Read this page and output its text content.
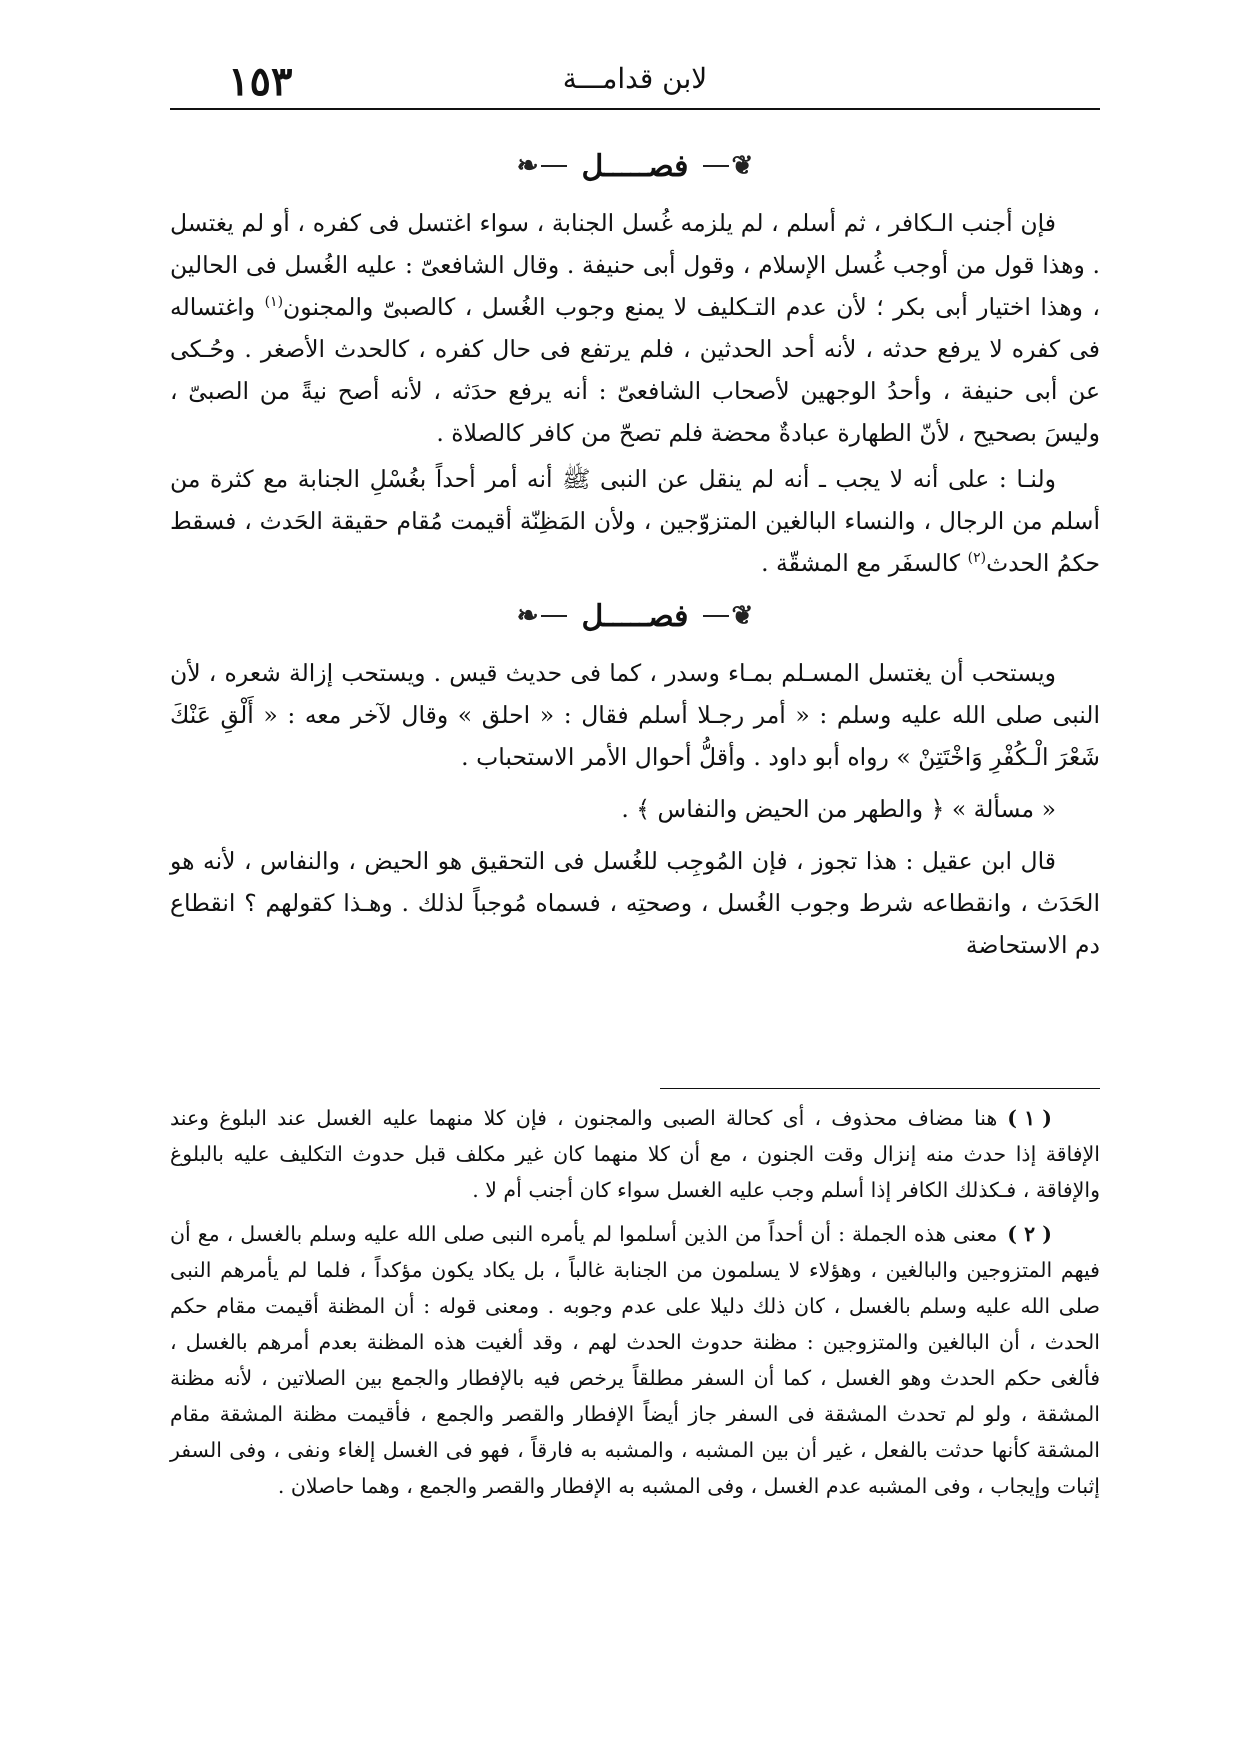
١٥٣	لابن قدامـــة
❦
فصـــــل
❧

فإن أجنب الـكافر ، ثم أسلم ، لم يلزمه غُسل الجنابة ، سواء اغتسل فى كفره ، أو لم يغتسل . وهذا قول من أوجب غُسل الإسلام ، وقول أبى حنيفة . وقال الشافعىّ : عليه الغُسل فى الحالين ، وهذا اختيار أبى بكر ؛ لأن عدم التـكليف لا يمنع وجوب الغُسل ، كالصبىّ والمجنون$^{(١)}$ واغتساله فى كفره لا يرفع حدثه ، لأنه أحد الحدثين ، فلم يرتفع فى حال كفره ، كالحدث الأصغر . وحُـكى عن أبى حنيفة ، وأحدُ الوجهين لأصحاب الشافعىّ : أنه يرفع حدَثه ، لأنه أصح نيةً من الصبىّ ، وليسَ بصحيح ، لأنّ الطهارة عبادةٌ محضة فلم تصحّ من كافر كالصلاة .

ولنـا : على أنه لا يجب ـ أنه لم ينقل عن النبى ﷺ أنه أمر أحداً بغُسْلِ الجنابة مع كثرة من أسلم من الرجال ، والنساء البالغين المتزوّجين ، ولأن المَظِنّة أقيمت مُقام حقيقة الحَدث ، فسقط حكمُ الحدث$^{(٢)}$ كالسفَر مع المشقّة .

❦
فصـــــل
❧

ويستحب أن يغتسل المسـلم بمـاء وسدر ، كما فى حديث قيس . ويستحب إزالة شعره ، لأن النبى صلى الله عليه وسلم : « أمر رجـلا أسلم فقال : « احلق » وقال لآخر معه : « أَلْقِ عَنْكَ شَعْرَ الْـكُفْرِ وَاخْتَتِنْ » رواه أبو داود . وأقلُّ أحوال الأمر الاستحباب .

« مسألة » ﴿ والطهر من الحيض والنفاس ﴾ .

قال ابن عقيل : هذا تجوز ، فإن المُوجِب للغُسل فى التحقيق هو الحيض ، والنفاس ، لأنه هو الحَدَث ، وانقطاعه شرط وجوب الغُسل ، وصحتِه ، فسماه مُوجباً لذلك . وهـذا كقولهم ؟ انقطاع دم الاستحاضة

( ١ )هنا مضاف محذوف ، أى كحالة الصبى والمجنون ، فإن كلا منهما عليه الغسل عند البلوغ وعند الإفاقة إذا حدث منه إنزال وقت الجنون ، مع أن كلا منهما كان غير مكلف قبل حدوث التكليف عليه بالبلوغ والإفاقة ، فـكذلك الكافر إذا أسلم وجب عليه الغسل سواء كان أجنب أم لا .

( ٢ )معنى هذه الجملة : أن أحداً من الذين أسلموا لم يأمره النبى صلى الله عليه وسلم بالغسل ، مع أن فيهم المتزوجين والبالغين ، وهؤلاء لا يسلمون من الجنابة غالباً ، بل يكاد يكون مؤكداً ، فلما لم يأمرهم النبى صلى الله عليه وسلم بالغسل ، كان ذلك دليلا على عدم وجوبه . ومعنى قوله : أن المظنة أقيمت مقام حكم الحدث ، أن البالغين والمتزوجين : مظنة حدوث الحدث لهم ، وقد ألغيت هذه المظنة بعدم أمرهم بالغسل ، فألغى حكم الحدث وهو الغسل ، كما أن السفر مطلقاً يرخص فيه بالإفطار والجمع بين الصلاتين ، لأنه مظنة المشقة ، ولو لم تحدث المشقة فى السفر جاز أيضاً الإفطار والقصر والجمع ، فأقيمت مظنة المشقة مقام المشقة كأنها حدثت بالفعل ، غير أن بين المشبه ، والمشبه به فارقاً ، فهو فى الغسل إلغاء ونفى ، وفى السفر إثبات وإيجاب ، وفى المشبه عدم الغسل ، وفى المشبه به الإفطار والقصر والجمع ، وهما حاصلان .
